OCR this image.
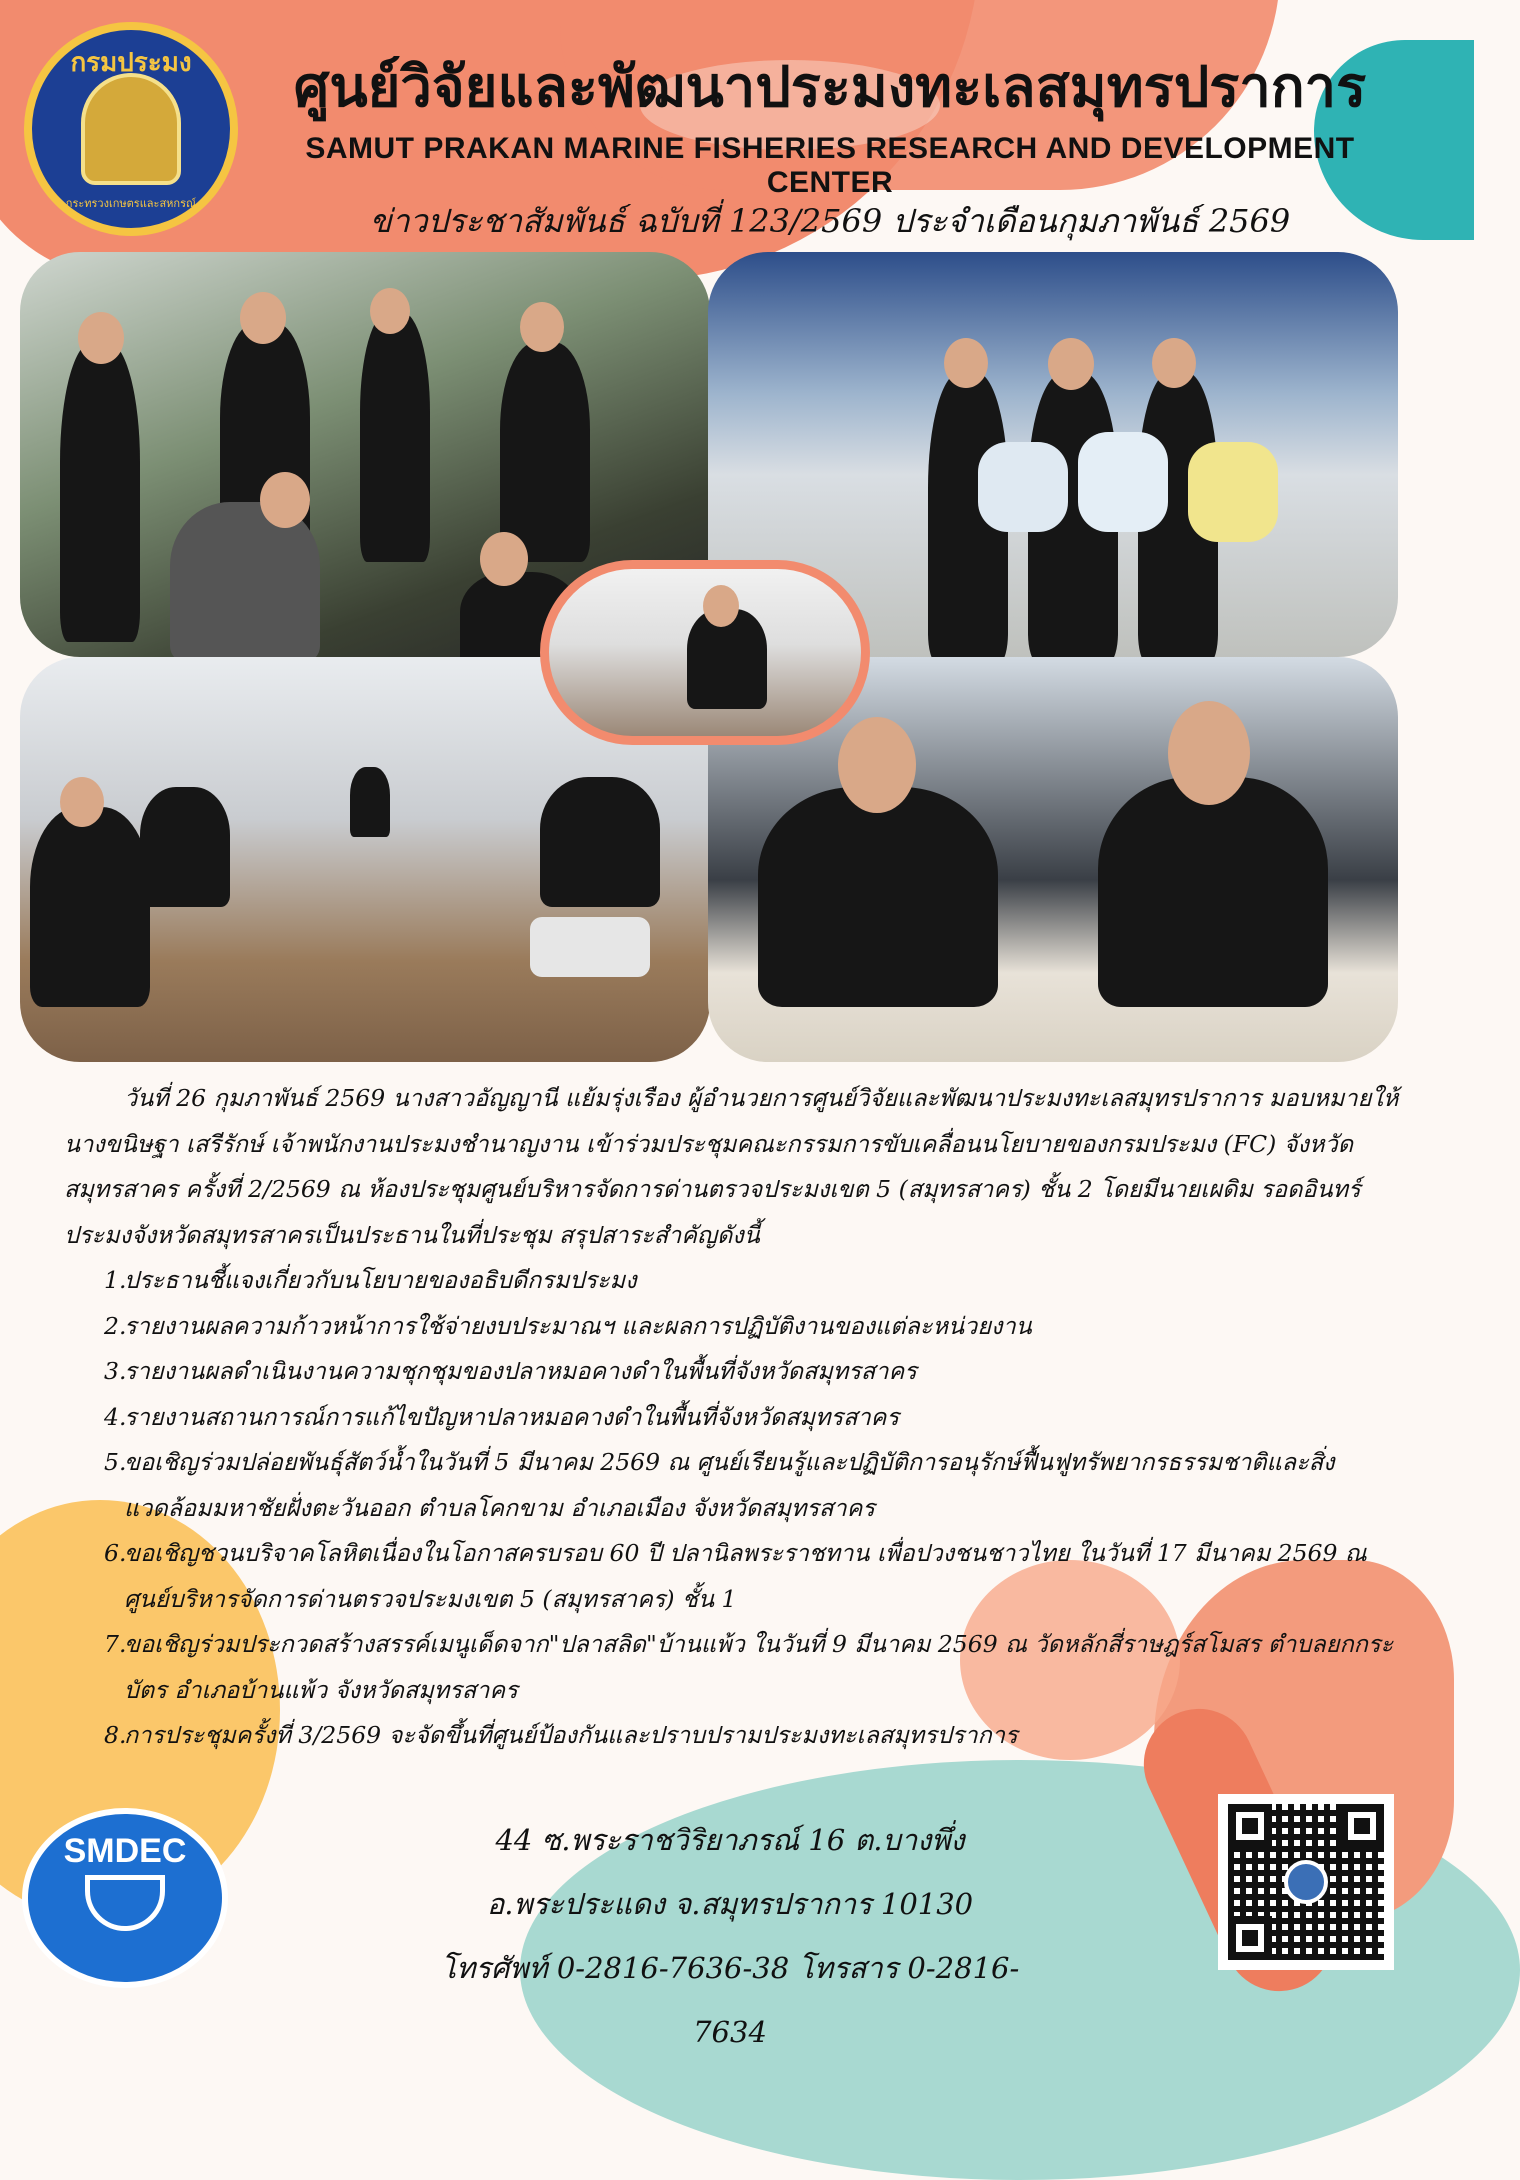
กรมประมง
กระทรวงเกษตรและสหกรณ์
ศูนย์วิจัยและพัฒนาประมงทะเลสมุทรปราการ
SAMUT PRAKAN MARINE FISHERIES RESEARCH AND DEVELOPMENT CENTER
ข่าวประชาสัมพันธ์ ฉบับที่ 123/2569 ประจำเดือนกุมภาพันธ์ 2569

วันที่ 26 กุมภาพันธ์ 2569 นางสาวอัญญานี แย้มรุ่งเรือง ผู้อำนวยการศูนย์วิจัยและพัฒนาประมงทะเลสมุทรปราการ มอบหมายให้ นางขนิษฐา เสรีรักษ์ เจ้าพนักงานประมงชำนาญงาน เข้าร่วมประชุมคณะกรรมการขับเคลื่อนนโยบายของกรมประมง (FC) จังหวัดสมุทรสาคร ครั้งที่ 2/2569 ณ ห้องประชุมศูนย์บริหารจัดการด่านตรวจประมงเขต 5 (สมุทรสาคร) ชั้น 2 โดยมีนายเผดิม รอดอินทร์ ประมงจังหวัดสมุทรสาครเป็นประธานในที่ประชุม สรุปสาระสำคัญดังนี้

1.
ประธานชี้แจงเกี่ยวกับนโยบายของอธิบดีกรมประมง
2.
รายงานผลความก้าวหน้าการใช้จ่ายงบประมาณฯ และผลการปฏิบัติงานของแต่ละหน่วยงาน
3.
รายงานผลดำเนินงานความชุกชุมของปลาหมอคางดำในพื้นที่จังหวัดสมุทรสาคร
4.
รายงานสถานการณ์การแก้ไขปัญหาปลาหมอคางดำในพื้นที่จังหวัดสมุทรสาคร
5.
ขอเชิญร่วมปล่อยพันธุ์สัตว์น้ำในวันที่ 5 มีนาคม 2569 ณ ศูนย์เรียนรู้และปฏิบัติการอนุรักษ์ฟื้นฟูทรัพยากรธรรมชาติและสิ่งแวดล้อมมหาชัยฝั่งตะวันออก ตำบลโคกขาม อำเภอเมือง จังหวัดสมุทรสาคร
6.
ขอเชิญชวนบริจาคโลหิตเนื่องในโอกาสครบรอบ 60 ปี ปลานิลพระราชทาน เพื่อปวงชนชาวไทย ในวันที่ 17 มีนาคม 2569 ณ ศูนย์บริหารจัดการด่านตรวจประมงเขต 5 (สมุทรสาคร) ชั้น 1
7.
ขอเชิญร่วมประกวดสร้างสรรค์เมนูเด็ดจาก"ปลาสลิด"บ้านแพ้ว ในวันที่ 9 มีนาคม 2569 ณ วัดหลักสี่ราษฎร์สโมสร ตำบลยกกระบัตร อำเภอบ้านแพ้ว จังหวัดสมุทรสาคร
8.
การประชุมครั้งที่ 3/2569 จะจัดขึ้นที่ศูนย์ป้องกันและปราบปรามประมงทะเลสมุทรปราการ
SMDEC	44 ซ.พระราชวิริยาภรณ์ 16 ต.บางพึ่ง
อ.พระประแดง จ.สมุทรปราการ 10130
โทรศัพท์ 0-2816-7636-38 โทรสาร 0-2816-7634
